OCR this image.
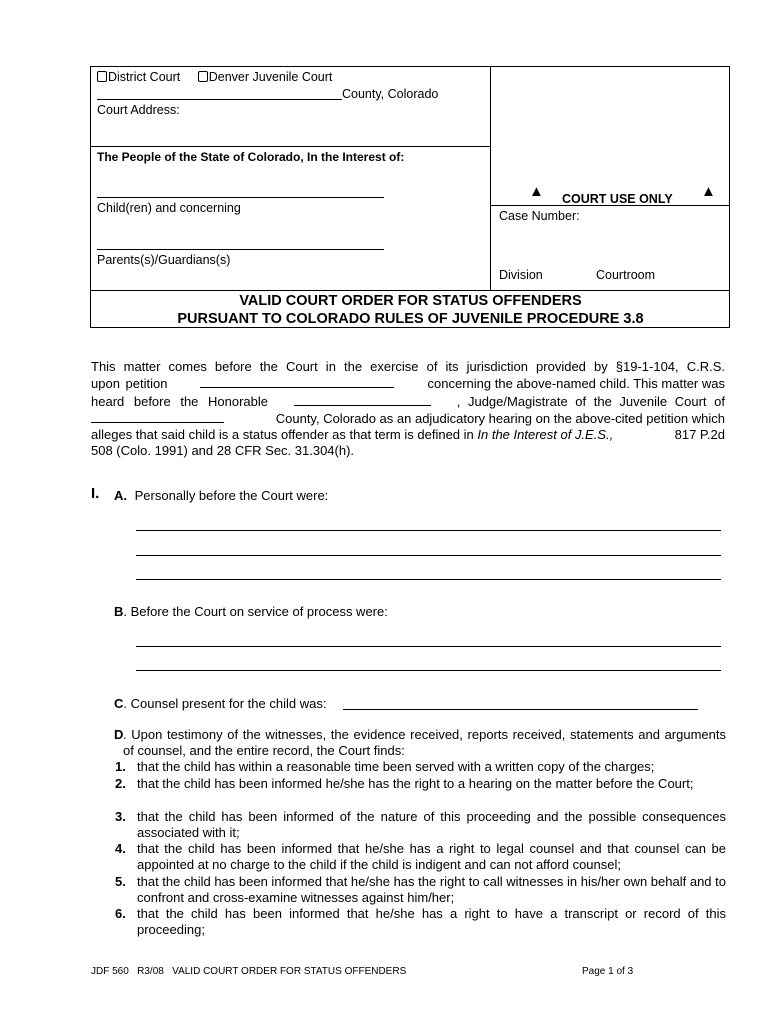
District Court Denver Juvenile Court
County, Colorado
Court Address:
The People of the State of Colorado, In the Interest of:
Child(ren) and concerning
Parents(s)/Guardians(s)
▲ COURT USE ONLY ▲
Case Number:
Division	Courtroom
VALID COURT ORDER FOR STATUS OFFENDERS
PURSUANT TO COLORADO RULES OF JUVENILE PROCEDURE 3.8
This matter comes before the Court in the exercise of its jurisdiction provided by §19-1-104, C.R.S.
upon petition	concerning the above-named child. This matter was
heard before the Honorable	, Judge/Magistrate of the Juvenile Court of
County, Colorado as an adjudicatory hearing on the above-cited petition which
alleges that said child is a status offender as that term is defined in In the Interest of J.E.S.,	817 P.2d
508 (Colo. 1991) and 28 CFR Sec. 31.304(h).
I. A. Personally before the Court were:
B. Before the Court on service of process were:
C. Counsel present for the child was:
D . Upon testimony of the witnesses, the evidence received, reports received, statements and arguments of counsel, and the entire record, the Court finds:
1. that the child has within a reasonable time been served with a written copy of the charges;
2. that the child has been informed he/she has the right to a hearing on the matter before the Court;
3. that the child has been informed of the nature of this proceeding and the possible consequences associated with it;
4. that the child has been informed that he/she has a right to legal counsel and that counsel can be appointed at no charge to the child if the child is indigent and can not afford counsel;
5. that the child has been informed that he/she has the right to call witnesses in his/her own behalf and to confront and cross-examine witnesses against him/her;
6. that the child has been informed that he/she has a right to have a transcript or record of this proceeding;
JDF 560   R3/08   VALID COURT ORDER FOR STATUS OFFENDERS	Page 1 of 3
